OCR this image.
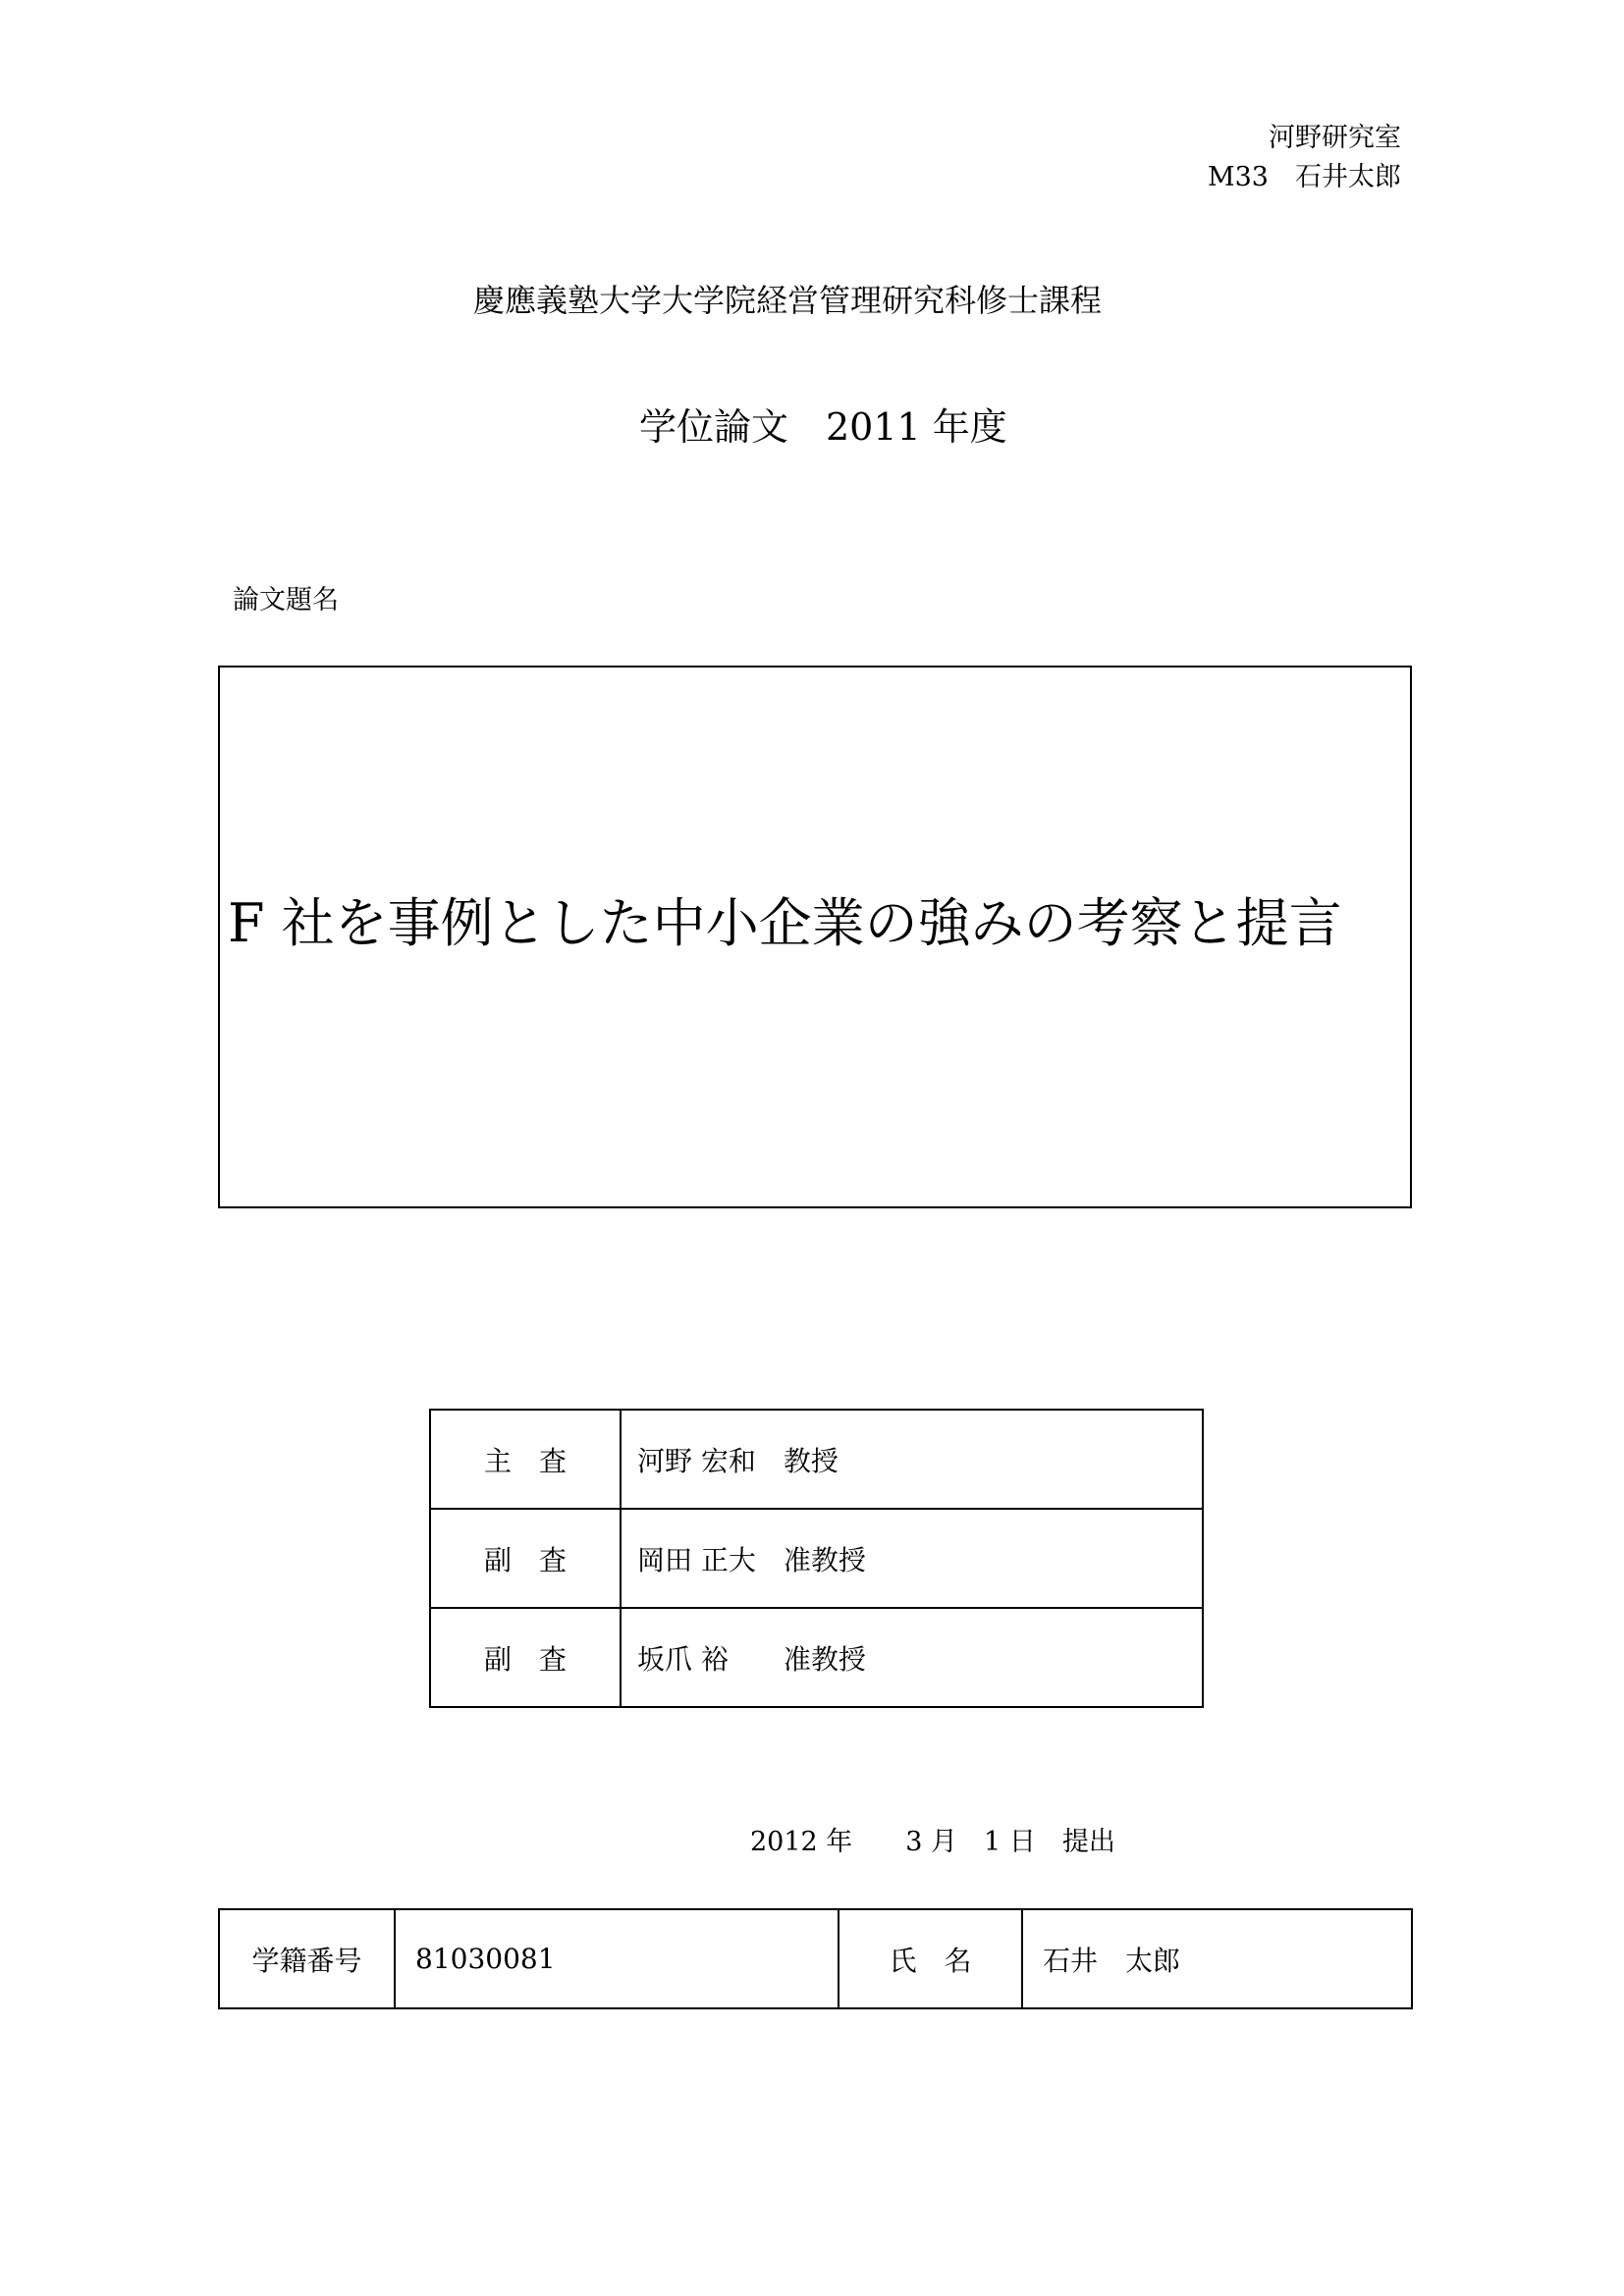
河野研究室
M33　石井太郎
慶應義塾大学大学院経営管理研究科修士課程
学位論文　2011 年度
論文題名
F 社を事例とした中小企業の強みの考察と提言
主　査	河野 宏和　教授
副　査	岡田 正大　准教授
副　査	坂爪 裕　　准教授
2012 年　　3 月　1 日　提出
学籍番号	81030081	氏　名	石井　太郎
